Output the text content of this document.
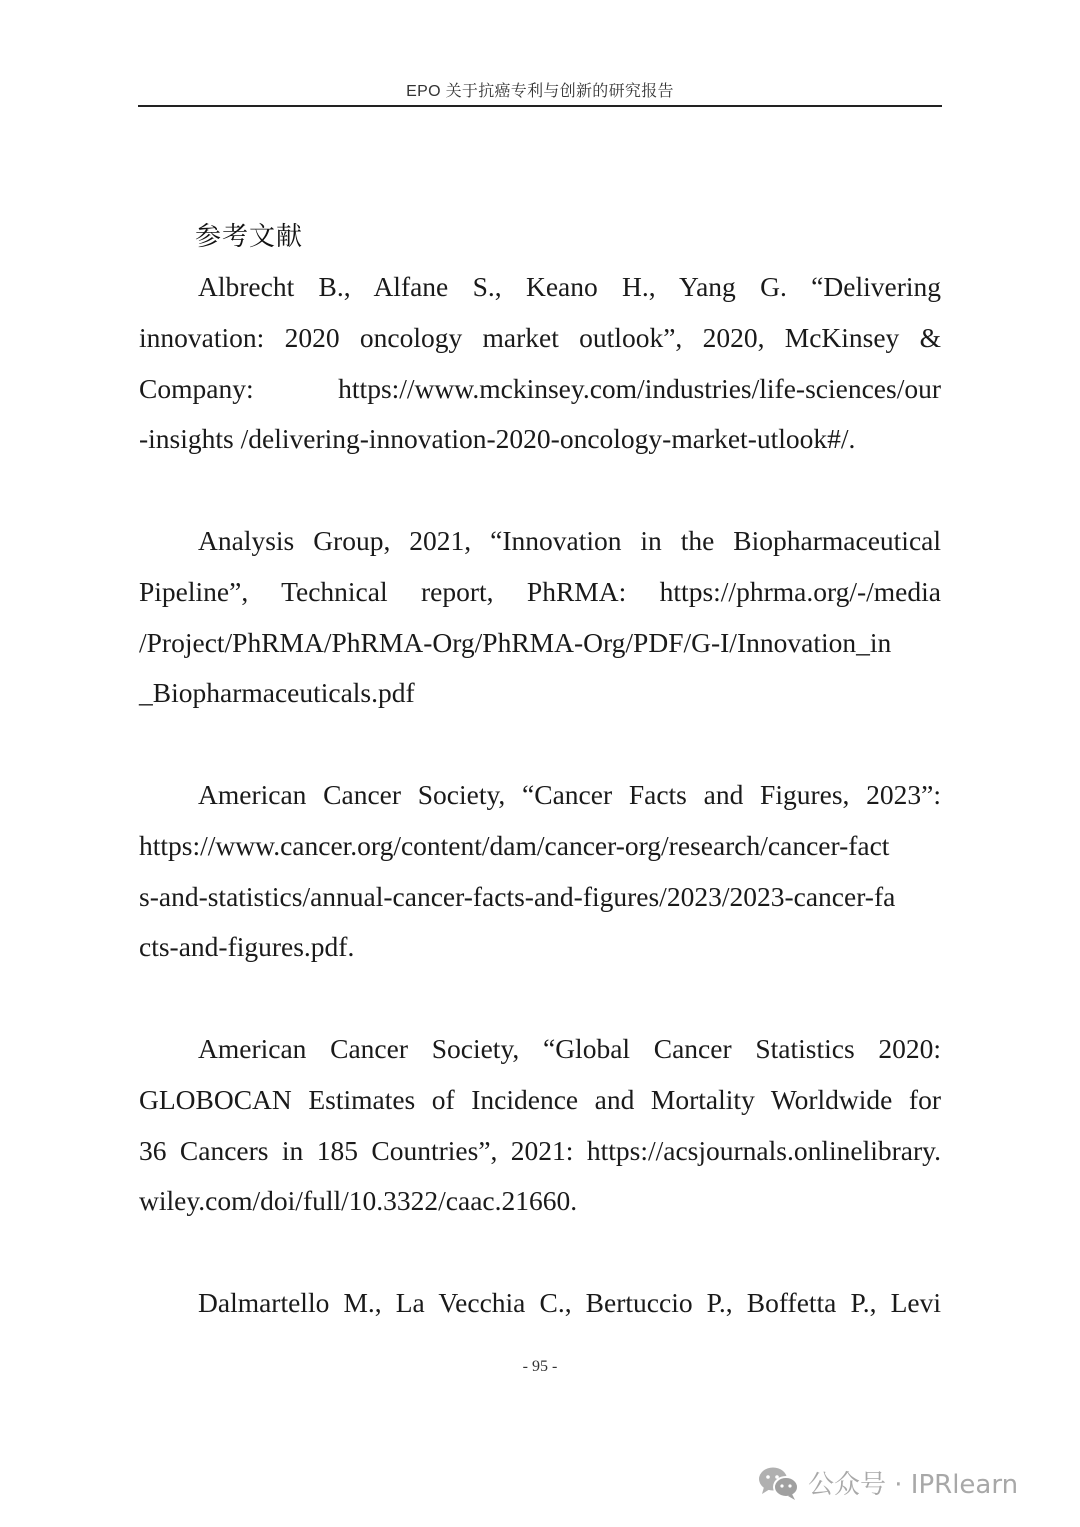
EPO 关于抗癌专利与创新的研究报告
参考文献
Albrecht B., Alfane S., Keano H., Yang G. “Delivering
innovation: 2020 oncology market outlook”, 2020, McKinsey &
Company: https://www.mckinsey.com/industries/life-sciences/our
-insights /delivering-innovation-2020-oncology-market-utlook#/.
Analysis Group, 2021, “Innovation in the Biopharmaceutical
Pipeline”, Technical report, PhRMA: https://phrma.org/-/media
/Project/PhRMA/PhRMA-Org/PhRMA-Org/PDF/G-I/Innovation_in
_Biopharmaceuticals.pdf
American Cancer Society, “Cancer Facts and Figures, 2023”:
https://www.cancer.org/content/dam/cancer-org/research/cancer-fact
s-and-statistics/annual-cancer-facts-and-figures/2023/2023-cancer-fa
cts-and-figures.pdf.
American Cancer Society, “Global Cancer Statistics 2020:
GLOBOCAN Estimates of Incidence and Mortality Worldwide for
36 Cancers in 185 Countries”, 2021: https://acsjournals.onlinelibrary.
wiley.com/doi/full/10.3322/caac.21660.
Dalmartello M., La Vecchia C., Bertuccio P., Boffetta P., Levi
- 95 -
公众号 · IPRlearn
